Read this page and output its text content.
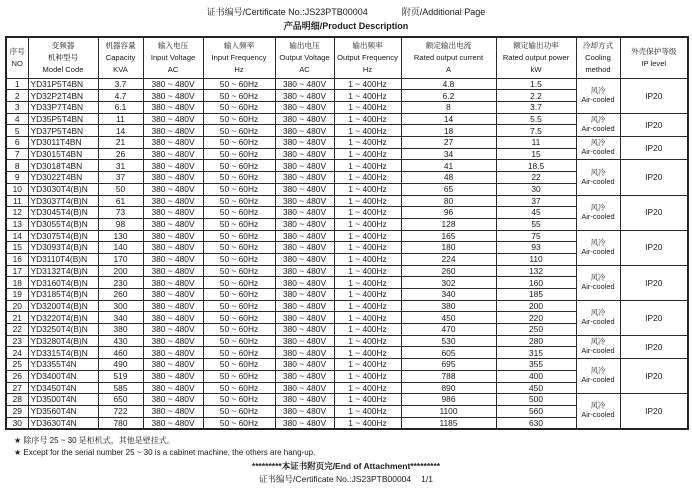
证书编号/Certificate No.:JS23PTB00004	附页/Additional Page
产品明细/Product Description
序号
NO

变频器
机种型号
Model Code

机器容量
Capacity
KVA

输入电压
Input Voltage
AC

输入频率
Input Frequency
Hz

输出电压
Output Voltage
AC

输出频率
Output Frequency
Hz

额定输出电流
Rated output current
A

额定输出功率
Rated output power
kW

冷却方式
Cooling
method

外壳保护等级
IP level

1	YD31P5T4BN	3.7	380 ~ 480V	50 ~ 60Hz	380 ~ 480V	1 ~ 400Hz	4.8	1.5	风冷
Air-cooled	IP20
2	YD32P2T4BN	4.7	380 ~ 480V	50 ~ 60Hz	380 ~ 480V	1 ~ 400Hz	6.2	2.2		
3	YD33P7T4BN	6.1	380 ~ 480V	50 ~ 60Hz	380 ~ 480V	1 ~ 400Hz	8	3.7		
4	YD35P5T4BN	11	380 ~ 480V	50 ~ 60Hz	380 ~ 480V	1 ~ 400Hz	14	5.5	风冷
Air-cooled	IP20
5	YD37P5T4BN	14	380 ~ 480V	50 ~ 60Hz	380 ~ 480V	1 ~ 400Hz	18	7.5		
6	YD3011T4BN	21	380 ~ 480V	50 ~ 60Hz	380 ~ 480V	1 ~ 400Hz	27	11	风冷
Air-cooled	IP20
7	YD3015T4BN	26	380 ~ 480V	50 ~ 60Hz	380 ~ 480V	1 ~ 400Hz	34	15		
8	YD3018T4BN	31	380 ~ 480V	50 ~ 60Hz	380 ~ 480V	1 ~ 400Hz	41	18.5	风冷
Air-cooled	IP20
9	YD3022T4BN	37	380 ~ 480V	50 ~ 60Hz	380 ~ 480V	1 ~ 400Hz	48	22		
10	YD3030T4(B)N	50	380 ~ 480V	50 ~ 60Hz	380 ~ 480V	1 ~ 400Hz	65	30		
11	YD3037T4(B)N	61	380 ~ 480V	50 ~ 60Hz	380 ~ 480V	1 ~ 400Hz	80	37	风冷
Air-cooled	IP20
12	YD3045T4(B)N	73	380 ~ 480V	50 ~ 60Hz	380 ~ 480V	1 ~ 400Hz	96	45		
13	YD3055T4(B)N	98	380 ~ 480V	50 ~ 60Hz	380 ~ 480V	1 ~ 400Hz	128	55		
14	YD3075T4(B)N	130	380 ~ 480V	50 ~ 60Hz	380 ~ 480V	1 ~ 400Hz	165	75	风冷
Air-cooled	IP20
15	YD3093T4(B)N	140	380 ~ 480V	50 ~ 60Hz	380 ~ 480V	1 ~ 400Hz	180	93		
16	YD3110T4(B)N	170	380 ~ 480V	50 ~ 60Hz	380 ~ 480V	1 ~ 400Hz	224	110		
17	YD3132T4(B)N	200	380 ~ 480V	50 ~ 60Hz	380 ~ 480V	1 ~ 400Hz	260	132	风冷
Air-cooled	IP20
18	YD3160T4(B)N	230	380 ~ 480V	50 ~ 60Hz	380 ~ 480V	1 ~ 400Hz	302	160		
19	YD3185T4(B)N	260	380 ~ 480V	50 ~ 60Hz	380 ~ 480V	1 ~ 400Hz	340	185		
20	YD3200T4(B)N	300	380 ~ 480V	50 ~ 60Hz	380 ~ 480V	1 ~ 400Hz	380	200	风冷
Air-cooled	IP20
21	YD3220T4(B)N	340	380 ~ 480V	50 ~ 60Hz	380 ~ 480V	1 ~ 400Hz	450	220		
22	YD3250T4(B)N	380	380 ~ 480V	50 ~ 60Hz	380 ~ 480V	1 ~ 400Hz	470	250		
23	YD3280T4(B)N	430	380 ~ 480V	50 ~ 60Hz	380 ~ 480V	1 ~ 400Hz	530	280	风冷
Air-cooled	IP20
24	YD3315T4(B)N	460	380 ~ 480V	50 ~ 60Hz	380 ~ 480V	1 ~ 400Hz	605	315		
25	YD3355T4N	490	380 ~ 480V	50 ~ 60Hz	380 ~ 480V	1 ~ 400Hz	695	355	风冷
Air-cooled	IP20
26	YD3400T4N	519	380 ~ 480V	50 ~ 60Hz	380 ~ 480V	1 ~ 400Hz	788	400		
27	YD3450T4N	585	380 ~ 480V	50 ~ 60Hz	380 ~ 480V	1 ~ 400Hz	890	450		
28	YD3500T4N	650	380 ~ 480V	50 ~ 60Hz	380 ~ 480V	1 ~ 400Hz	986	500	风冷
Air-cooled	IP20
29	YD3560T4N	722	380 ~ 480V	50 ~ 60Hz	380 ~ 480V	1 ~ 400Hz	1100	560		
30	YD3630T4N	780	380 ~ 480V	50 ~ 60Hz	380 ~ 480V	1 ~ 400Hz	1185	630		
★ 除序号 25 ~ 30 是柜机式，其他是壁挂式。
★ Except for the serial number 25 ~ 30 is a cabinet machine, the others are hang-up.
*********本证书附页完/End of Attachment*********
证书编号/Certificate No.:JS23PTB00004 1/1
